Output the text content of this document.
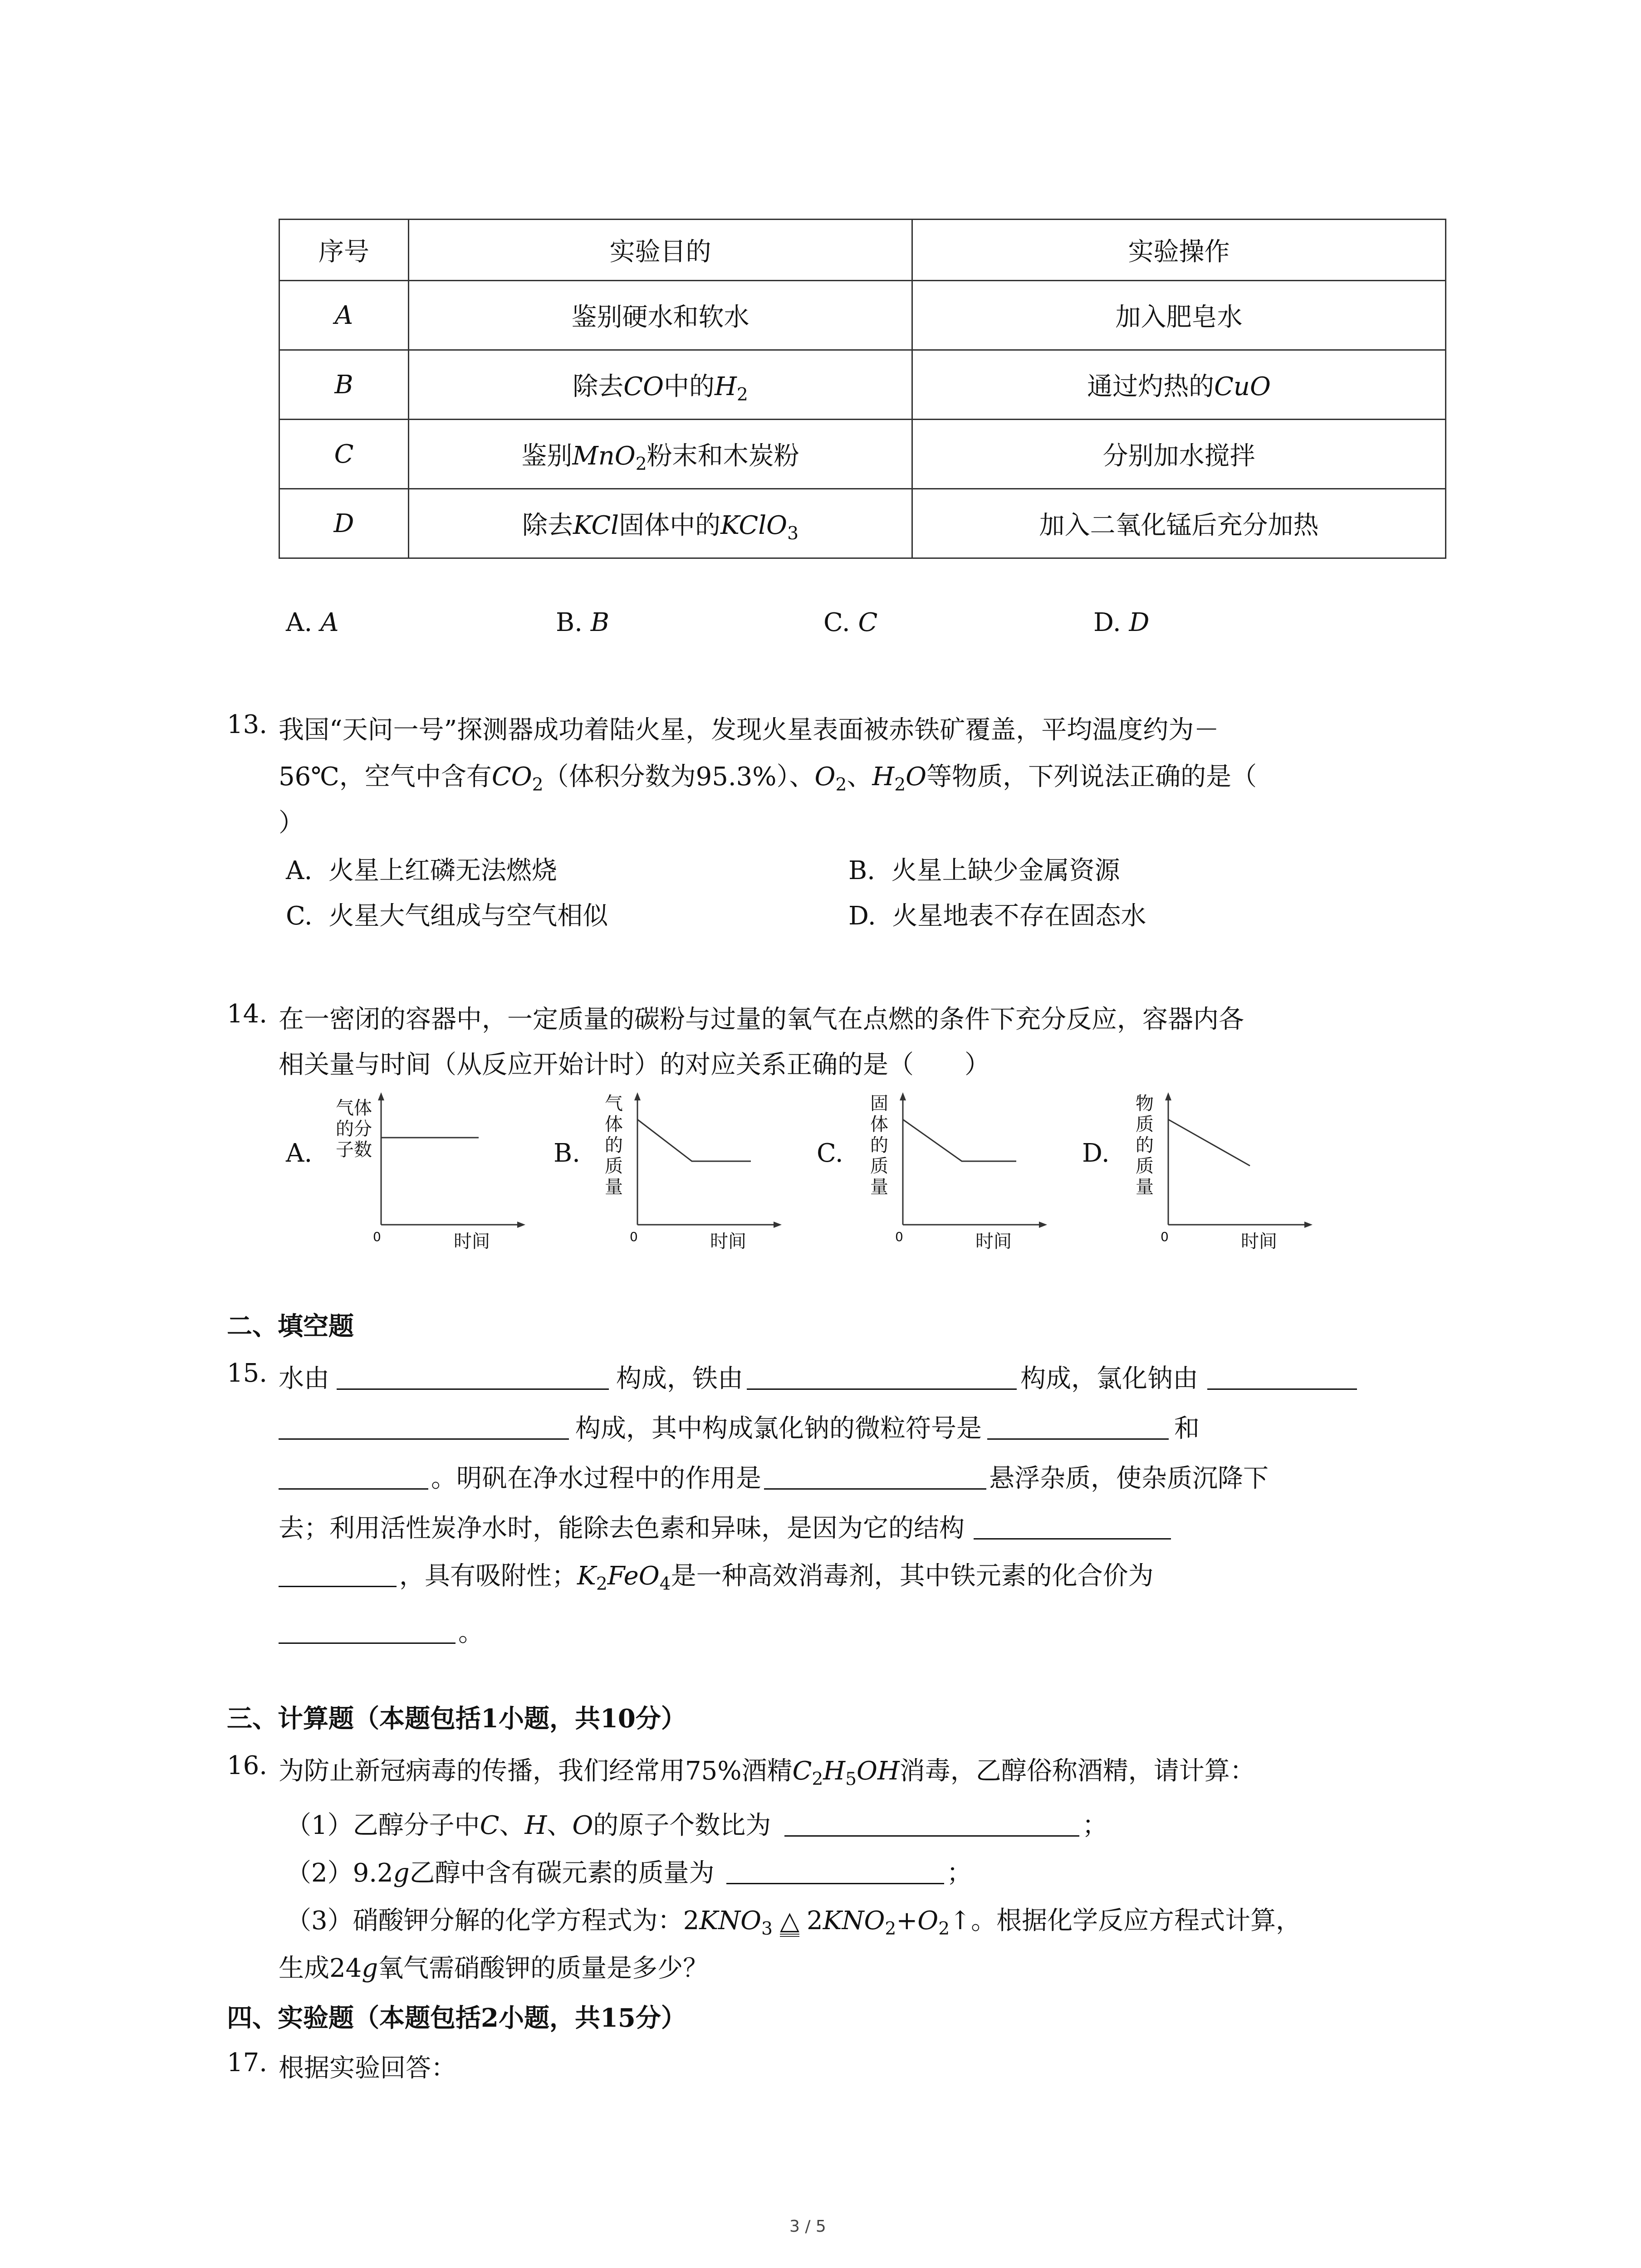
序号	实验目的	实验操作
A	鉴别硬水和软水	加入肥皂水
B	除去CO中的$H_2$	通过灼热的CuO
C	鉴别MnO$_2$粉末和木炭粉	分别加水搅拌
D	除去KCl固体中的KClO$_3$	加入二氧化锰后充分加热
A. A	B. B	C. C	D. D
13. 我国“天问一号”探测器成功着陆火星，发现火星表面被赤铁矿覆盖，平均温度约为－
56℃，空气中含有$CO_2$（体积分数为95.3%）、$O_2$、$H_2O$等物质，下列说法正确的是（
）
A. 火星上红磷无法燃烧	B. 火星上缺少金属资源
C. 火星大气组成与空气相似	D. 火星地表不存在固态水
14. 在一密闭的容器中，一定质量的碳粉与过量的氧气在点燃的条件下充分反应，容器内各
相关量与时间（从反应开始计时）的对应关系正确的是（　　）
A.
气体
的分
子数
0	时间
B.
气
体
的
质
量
0	时间
C.
固
体
的
质
量
0	时间
D.
物
质
的
质
量
0	时间
二、填空题
15. 水由	构成，铁由	构成，氯化钠由
构成，其中构成氯化钠的微粒符号是	和
。明矾在净水过程中的作用是	悬浮杂质，使杂质沉降下
去；利用活性炭净水时，能除去色素和异味，是因为它的结构
，具有吸附性；$K_2FeO_4$是一种高效消毒剂，其中铁元素的化合价为
。
三、计算题（本题包括1小题，共10分）
16. 为防止新冠病毒的传播，我们经常用75%酒精$C_2H_5OH$消毒，乙醇俗称酒精，请计算：
（1）乙醇分子中C、H、O的原子个数比为	；
（2）9.2g乙醇中含有碳元素的质量为	；
（3）硝酸钾分解的化学方程式为：$2KNO_3$ △ $2KNO_2+O_2↑$。根据化学反应方程式计算，
生成24g氧气需硝酸钾的质量是多少？
四、实验题（本题包括2小题，共15分）
17. 根据实验回答：
3 / 5
